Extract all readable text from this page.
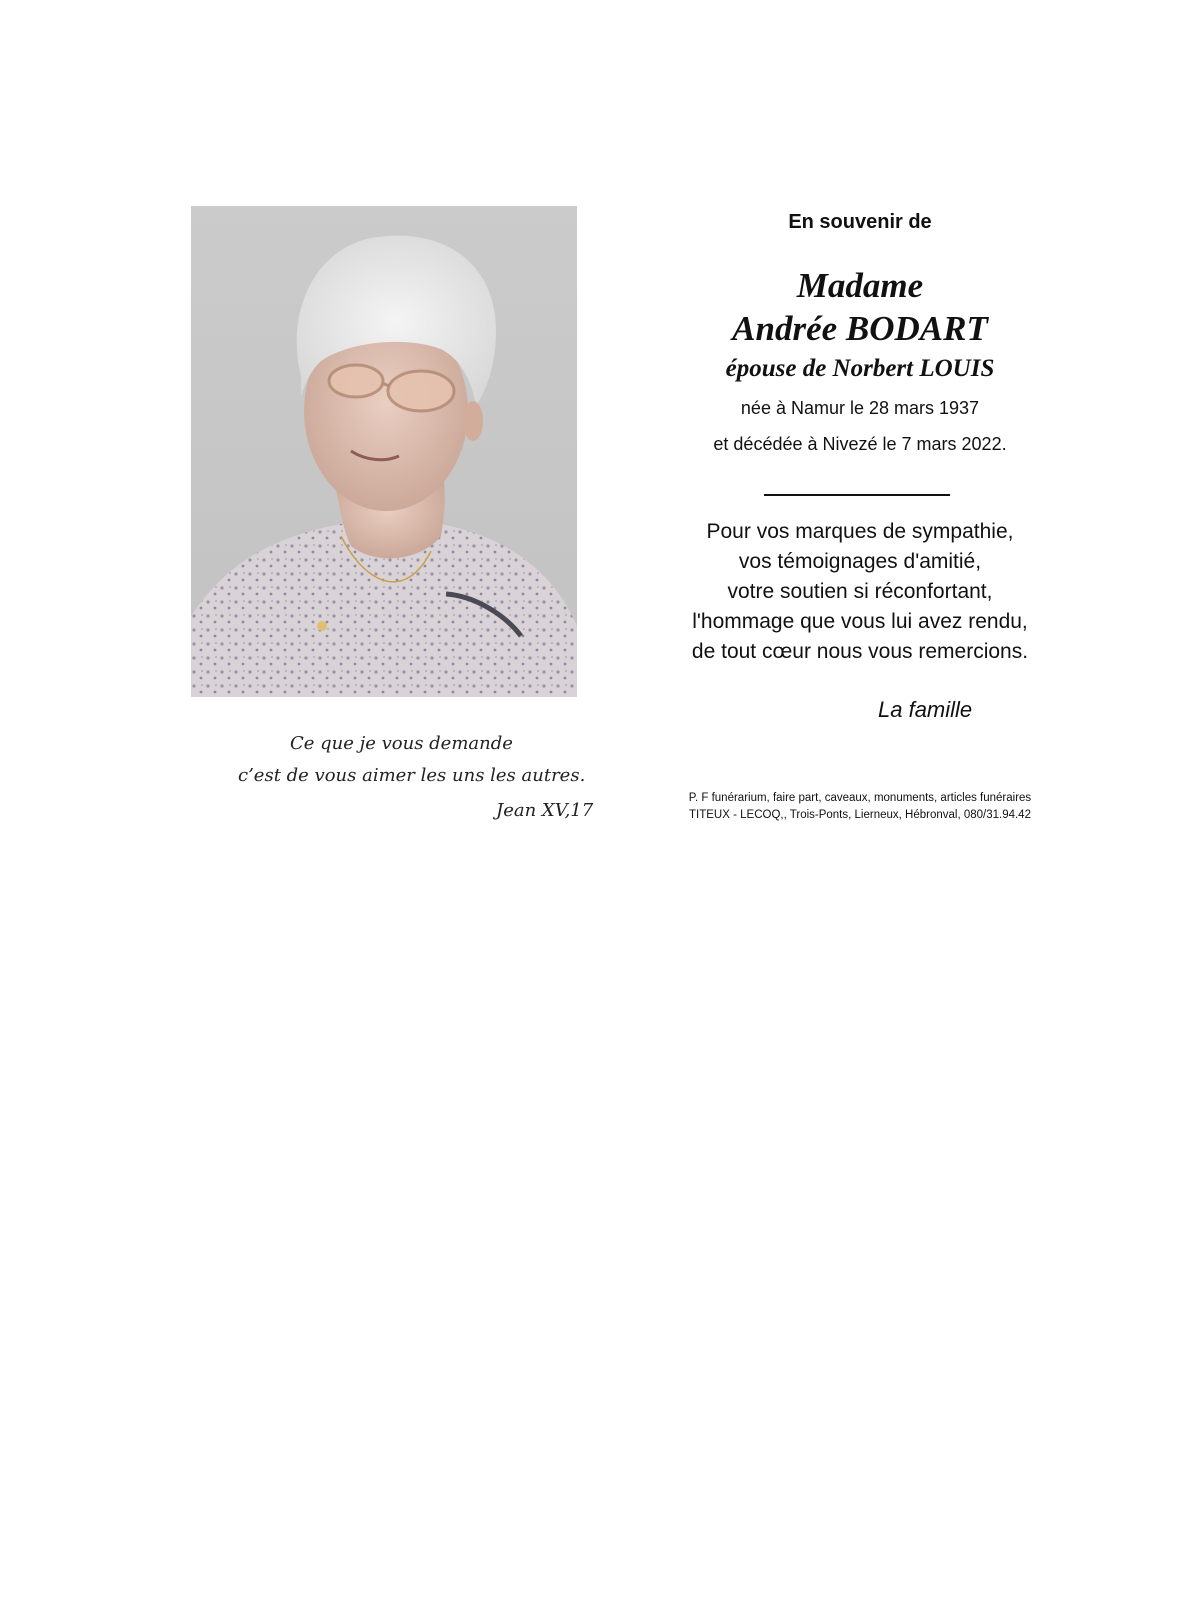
Ce que je vous demande
c’est de vous aimer les uns les autres.
Jean XV,17
En souvenir de
Madame
Andrée BODART
épouse de Norbert LOUIS
née à Namur le 28 mars 1937
et décédée à Nivezé le 7 mars 2022.
Pour vos marques de sympathie,
vos témoignages d'amitié,
votre soutien si réconfortant,
l'hommage que vous lui avez rendu,
de tout cœur nous vous remercions.
La famille
P. F funérarium, faire part, caveaux, monuments, articles funéraires
TITEUX - LECOQ,, Trois-Ponts, Lierneux, Hébronval, 080/31.94.42
